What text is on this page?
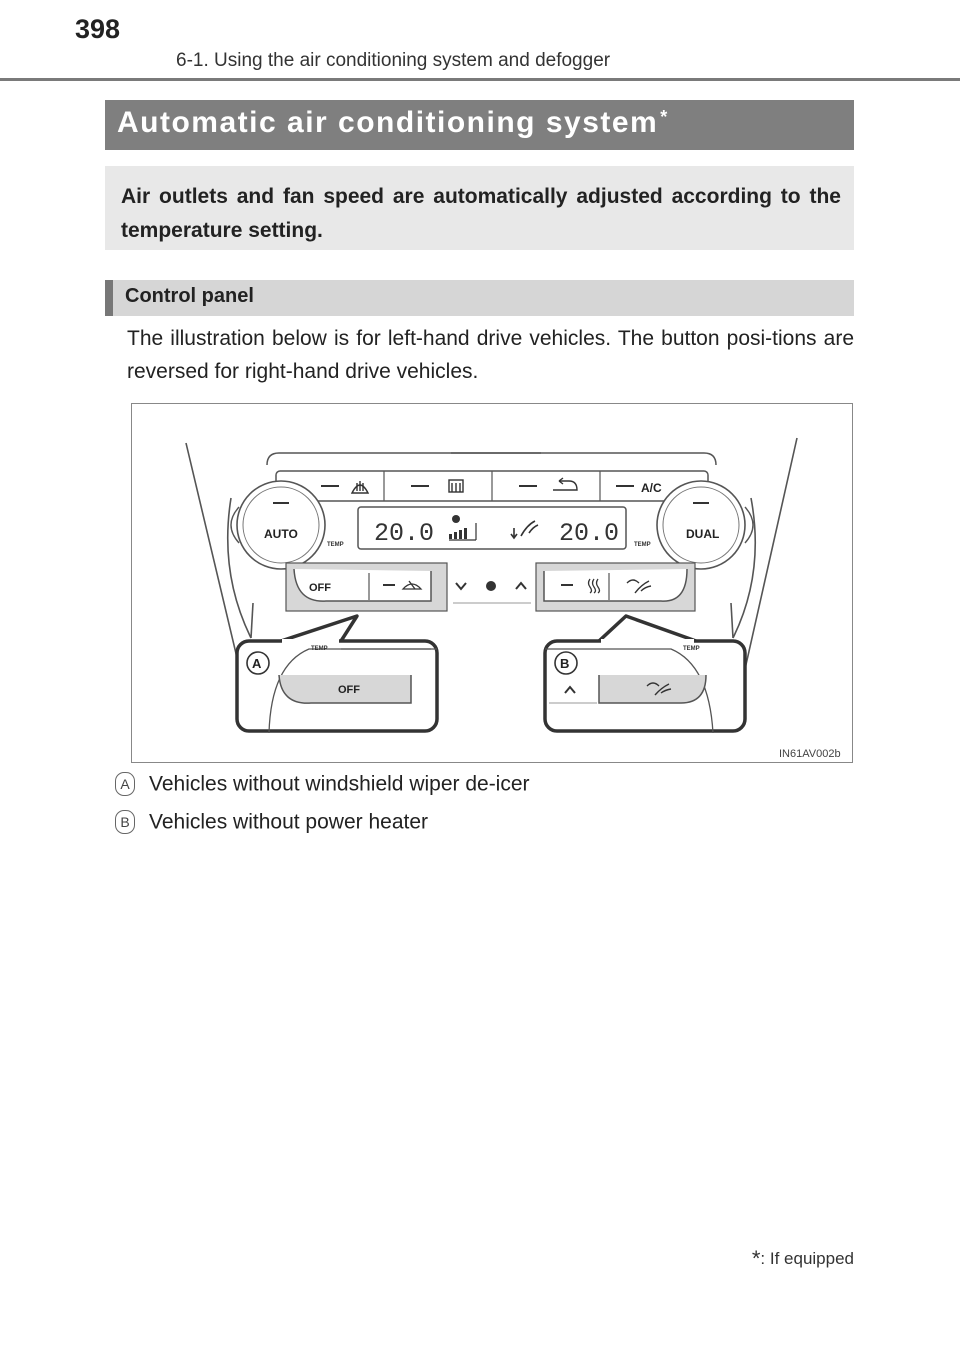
398
6-1. Using the air conditioning system and defogger
Automatic air conditioning system *
Air outlets and fan speed are automatically adjusted according to the temperature setting.
Control panel
The illustration below is for left-hand drive vehicles. The button posi-tions are reversed for right-hand drive vehicles.
A/C
AUTO
TEMP
DUAL
TEMP
20.0	20.0
OFF
TEMP
OFF
A
TEMP
B
IN61AV002b
A Vehicles without windshield wiper de-icer
B Vehicles without power heater
*: If equipped
